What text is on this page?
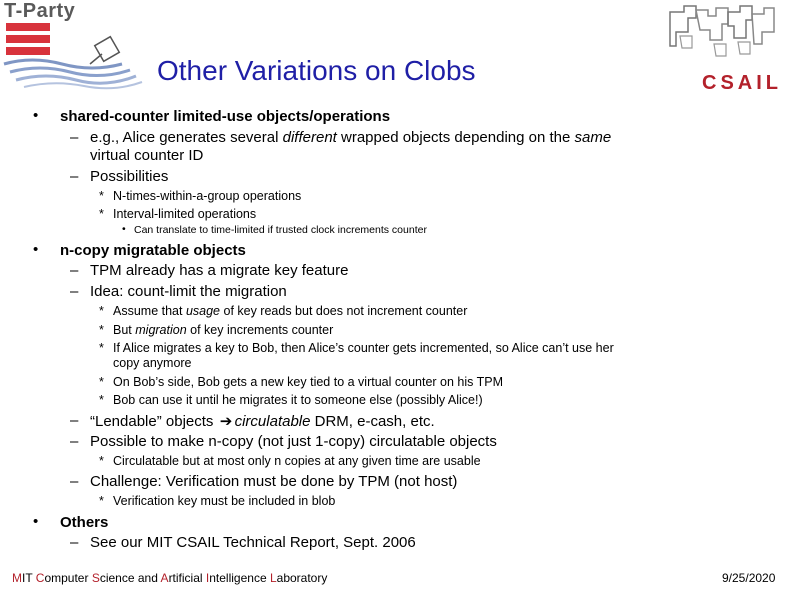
T-Party
Other Variations on Clobs	CSAIL
• shared-counter limited-use objects/operations
– e.g., Alice generates several different wrapped objects depending on the same
virtual counter ID
– Possibilities
* N-times-within-a-group operations
* Interval-limited operations
• Can translate to time-limited if trusted clock increments counter
• n-copy migratable objects
– TPM already has a migrate key feature
– Idea: count-limit the migration
* Assume that usage of key reads but does not increment counter
* But migration of key increments counter
* If Alice migrates a key to Bob, then Alice’s counter gets incremented, so Alice can’t use her
copy anymore
* On Bob’s side, Bob gets a new key tied to a virtual counter on his TPM
* Bob can use it until he migrates it to someone else (possibly Alice!)
– “Lendable” objects ➔ circulatable DRM, e-cash, etc.
– Possible to make n-copy (not just 1-copy) circulatable objects
* Circulatable but at most only n copies at any given time are usable
– Challenge: Verification must be done by TPM (not host)
* Verification key must be included in blob
• Others
– See our MIT CSAIL Technical Report, Sept. 2006
MIT Computer Science and Artificial Intelligence Laboratory	9/25/2020
